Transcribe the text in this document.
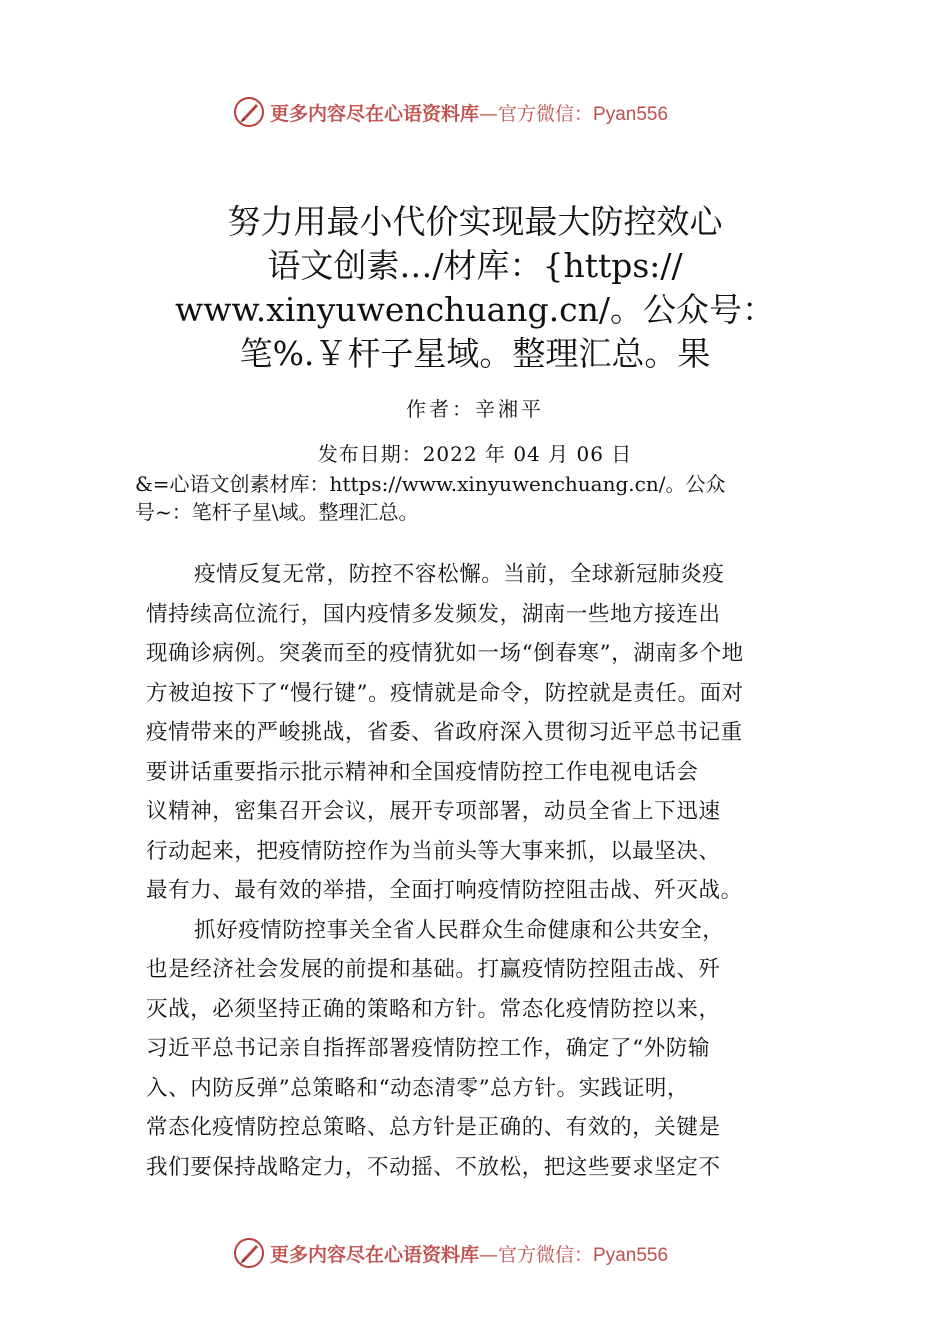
更多内容尽在心语资料库—官方微信：Pyan556
努力用最小代价实现最大防控效心
语文创素…/材库：{https://
www.xinyuwenchuang.cn/。公众号：
笔%.￥杆子星域。整理汇总。果
作者：辛湘平
发布日期：2022 年 04 月 06 日
&=心语文创素材库：https://www.xinyuwenchuang.cn/。公众
号~：笔杆子星\域。整理汇总。
疫情反复无常，防控不容松懈。当前，全球新冠肺炎疫
情持续高位流行，国内疫情多发频发，湖南一些地方接连出
现确诊病例。突袭而至的疫情犹如一场“倒春寒”，湖南多个地
方被迫按下了“慢行键”。疫情就是命令，防控就是责任。面对
疫情带来的严峻挑战，省委、省政府深入贯彻习近平总书记重
要讲话重要指示批示精神和全国疫情防控工作电视电话会
议精神，密集召开会议，展开专项部署，动员全省上下迅速
行动起来，把疫情防控作为当前头等大事来抓，以最坚决、
最有力、最有效的举措，全面打响疫情防控阻击战、歼灭战。
抓好疫情防控事关全省人民群众生命健康和公共安全，
也是经济社会发展的前提和基础。打赢疫情防控阻击战、歼
灭战，必须坚持正确的策略和方针。常态化疫情防控以来，
习近平总书记亲自指挥部署疫情防控工作，确定了“外防输
入、内防反弹”总策略和“动态清零”总方针。实践证明，
常态化疫情防控总策略、总方针是正确的、有效的，关键是
我们要保持战略定力，不动摇、不放松，把这些要求坚定不
更多内容尽在心语资料库—官方微信：Pyan556
